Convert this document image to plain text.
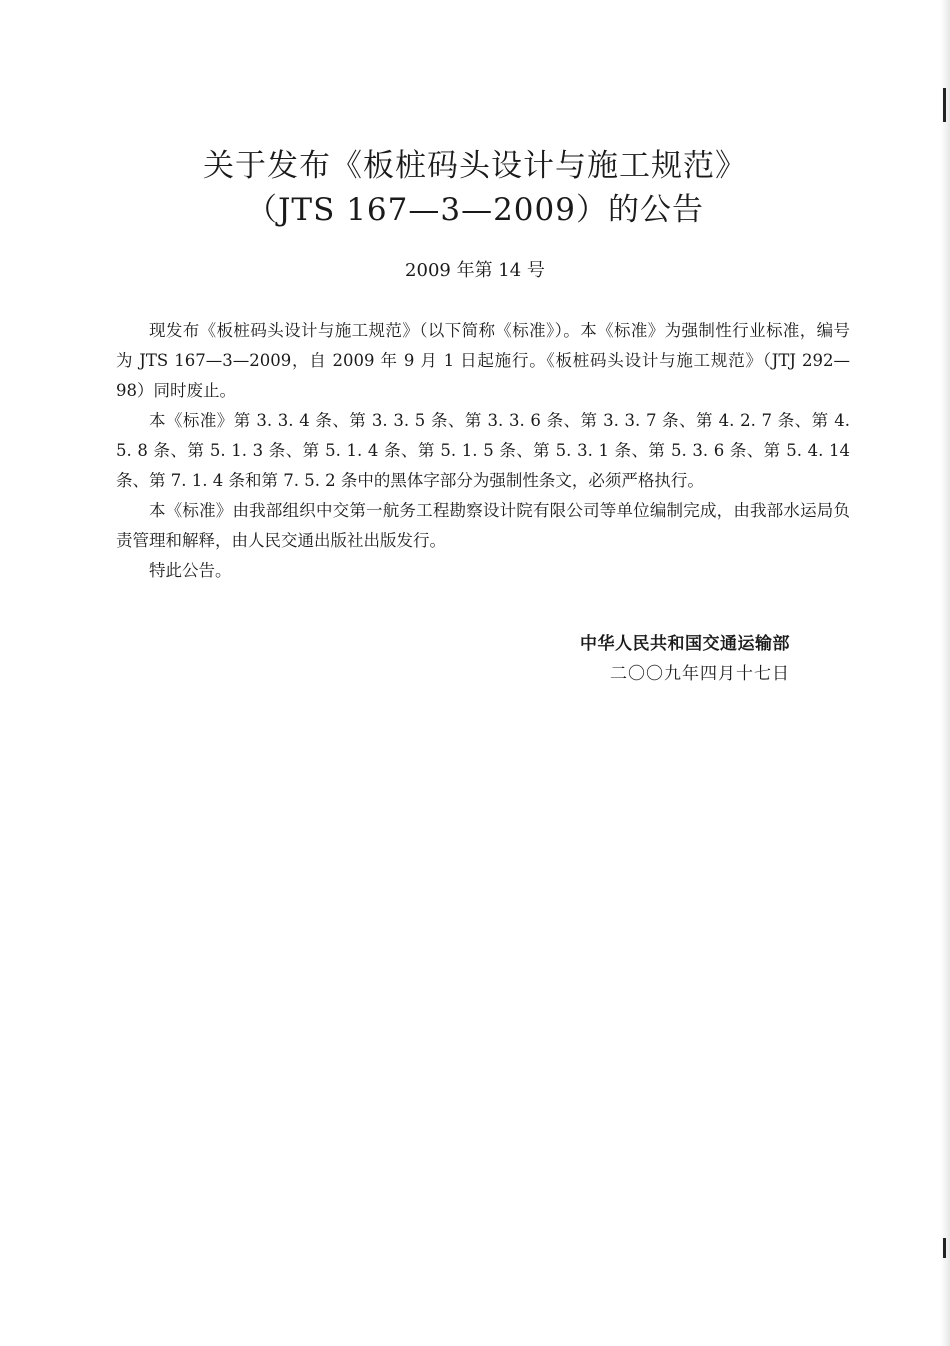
关于发布《板桩码头设计与施工规范》
（JTS 167—3—2009）的公告
2009 年第 14 号

现发布《板桩码头设计与施工规范》（以下简称《标准》）。本《标准》为强制性行业标准，编号为 JTS 167—3—2009，自 2009 年 9 月 1 日起施行。《板桩码头设计与施工规范》（JTJ 292—98）同时废止。

本《标准》第 3. 3. 4 条、第 3. 3. 5 条、第 3. 3. 6 条、第 3. 3. 7 条、第 4. 2. 7 条、第 4. 5. 8 条、第 5. 1. 3 条、第 5. 1. 4 条、第 5. 1. 5 条、第 5. 3. 1 条、第 5. 3. 6 条、第 5. 4. 14 条、第 7. 1. 4 条和第 7. 5. 2 条中的黑体字部分为强制性条文，必须严格执行。

本《标准》由我部组织中交第一航务工程勘察设计院有限公司等单位编制完成，由我部水运局负责管理和解释，由人民交通出版社出版发行。

特此公告。

中华人民共和国交通运输部
二〇〇九年四月十七日
